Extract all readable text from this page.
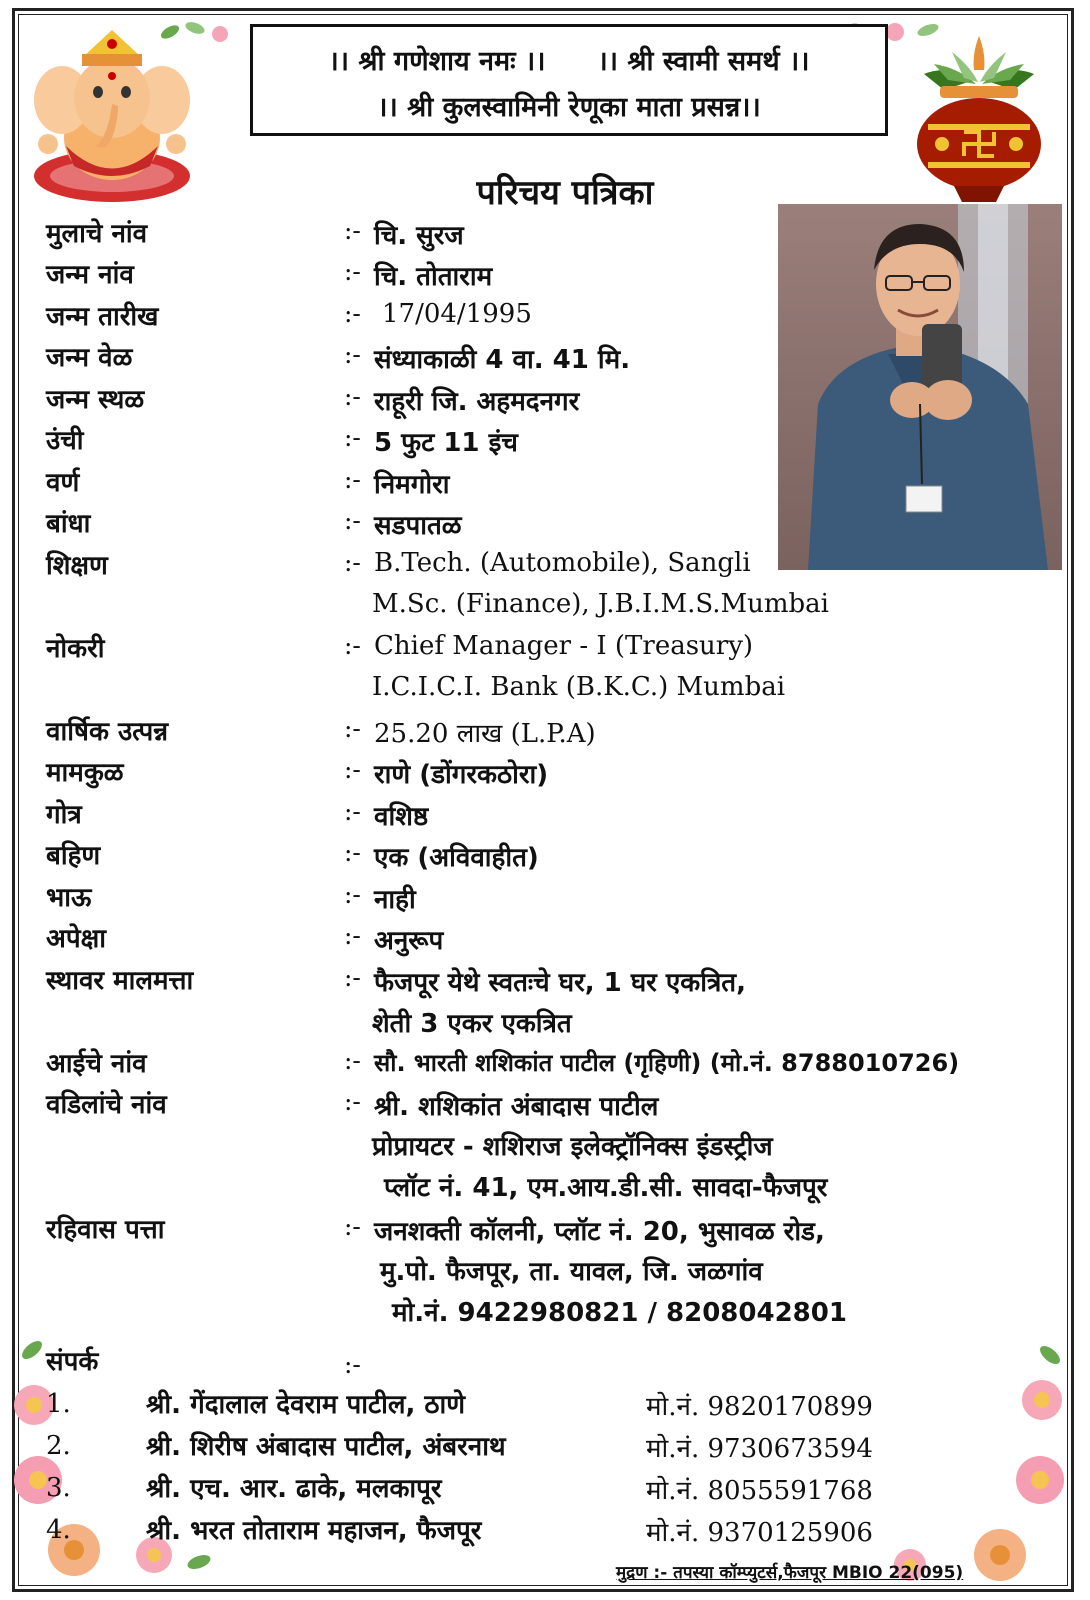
।। श्री गणेशाय नमः ।। ।। श्री स्वामी समर्थ ।।
।। श्री कुलस्वामिनी रेणूका माता प्रसन्न।।
परिचय पत्रिका
मुलाचे नांव	:- चि. सुरज
जन्म नांव	:- चि. तोताराम
जन्म तारीख	:- 17/04/1995
जन्म वेळ	:- संध्याकाळी 4 वा. 41 मि.
जन्म स्थळ	:- राहूरी जि. अहमदनगर
उंची	:- 5 फुट 11 इंच
वर्ण	:- निमगोरा
बांधा	:- सडपातळ
शिक्षण	:- B.Tech. (Automobile), Sangli
M.Sc. (Finance), J.B.I.M.S.Mumbai
नोकरी	:- Chief Manager - I (Treasury)
I.C.I.C.I. Bank (B.K.C.) Mumbai
वार्षिक उत्पन्न	:- 25.20 लाख (L.P.A)
मामकुळ	:- राणे (डोंगरकठोरा)
गोत्र	:- वशिष्ठ
बहिण	:- एक (अविवाहीत)
भाऊ	:- नाही
अपेक्षा	:- अनुरूप
स्थावर मालमत्ता	:- फैजपूर येथे स्वतःचे घर, 1 घर एकत्रित,
शेती 3 एकर एकत्रित
आईचे नांव	:- सौ. भारती शशिकांत पाटील (गृहिणी) (मो.नं. 8788010726)
वडिलांचे नांव	:- श्री. शशिकांत अंबादास पाटील
प्रोप्रायटर - शशिराज इलेक्ट्रॉनिक्स इंडस्ट्रीज
प्लॉट नं. 41, एम.आय.डी.सी. सावदा-फैजपूर
रहिवास पत्ता	:- जनशक्ती कॉलनी, प्लॉट नं. 20, भुसावळ रोड,
मु.पो. फैजपूर, ता. यावल, जि. जळगांव
मो.नं. 9422980821 / 8208042801
संपर्क	:-
1.	श्री. गेंदालाल देवराम पाटील, ठाणे	मो.नं. 9820170899
2.	श्री. शिरीष अंबादास पाटील, अंबरनाथ	मो.नं. 9730673594
3.	श्री. एच. आर. ढाके, मलकापूर	मो.नं. 8055591768
4.	श्री. भरत तोताराम महाजन, फैजपूर	मो.नं. 9370125906
मुद्रण :- तपस्या कॉम्प्युटर्स,फैजपूर MBIO 22(095)
